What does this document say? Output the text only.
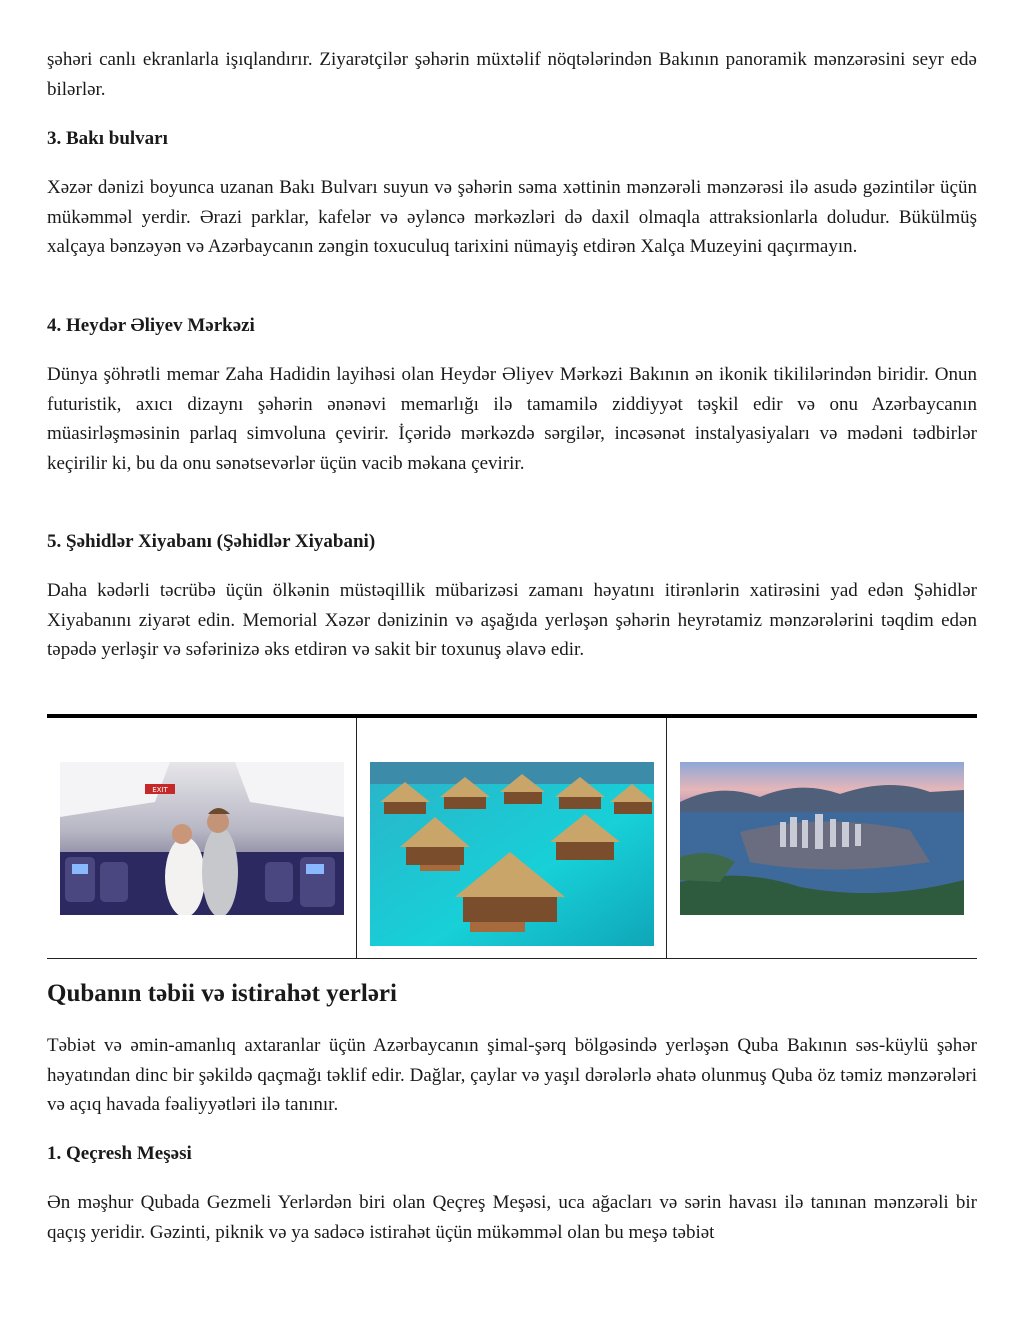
şəhəri canlı ekranlarla işıqlandırır. Ziyarətçilər şəhərin müxtəlif nöqtələrindən Bakının panoramik mənzərəsini seyr edə bilərlər.

3. Bakı bulvarı

Xəzər dənizi boyunca uzanan Bakı Bulvarı suyun və şəhərin səma xəttinin mənzərəli mənzərəsi ilə asudə gəzintilər üçün mükəmməl yerdir. Ərazi parklar, kafelər və əyləncə mərkəzləri də daxil olmaqla attraksionlarla doludur. Bükülmüş xalçaya bənzəyən və Azərbaycanın zəngin toxuculuq tarixini nümayiş etdirən Xalça Muzeyini qaçırmayın.

4. Heydər Əliyev Mərkəzi

Dünya şöhrətli memar Zaha Hadidin layihəsi olan Heydər Əliyev Mərkəzi Bakının ən ikonik tikililərindən biridir. Onun futuristik, axıcı dizaynı şəhərin ənənəvi memarlığı ilə tamamilə ziddiyyət təşkil edir və onu Azərbaycanın müasirləşməsinin parlaq simvoluna çevirir. İçəridə mərkəzdə sərgilər, incəsənət instalyasiyaları və mədəni tədbirlər keçirilir ki, bu da onu sənətsevərlər üçün vacib məkana çevirir.

5. Şəhidlər Xiyabanı (Şəhidlər Xiyabani)

Daha kədərli təcrübə üçün ölkənin müstəqillik mübarizəsi zamanı həyatını itirənlərin xatirəsini yad edən Şəhidlər Xiyabanını ziyarət edin. Memorial Xəzər dənizinin və aşağıda yerləşən şəhərin heyrətamiz mənzərələrini təqdim edən təpədə yerləşir və səfərinizə əks etdirən və sakit bir toxunuş əlavə edir.

EXIT
Qubanın təbii və istirahət yerləri

Təbiət və əmin-amanlıq axtaranlar üçün Azərbaycanın şimal-şərq bölgəsində yerləşən Quba Bakının səs-küylü şəhər həyatından dinc bir şəkildə qaçmağı təklif edir. Dağlar, çaylar və yaşıl dərələrlə əhatə olunmuş Quba öz təmiz mənzərələri və açıq havada fəaliyyətləri ilə tanınır.

1. Qeçresh Meşəsi

Ən məşhur Qubada Gezmeli Yerlərdən biri olan Qeçreş Meşəsi, uca ağacları və sərin havası ilə tanınan mənzərəli bir qaçış yeridir. Gəzinti, piknik və ya sadəcə istirahət üçün mükəmməl olan bu meşə təbiət
